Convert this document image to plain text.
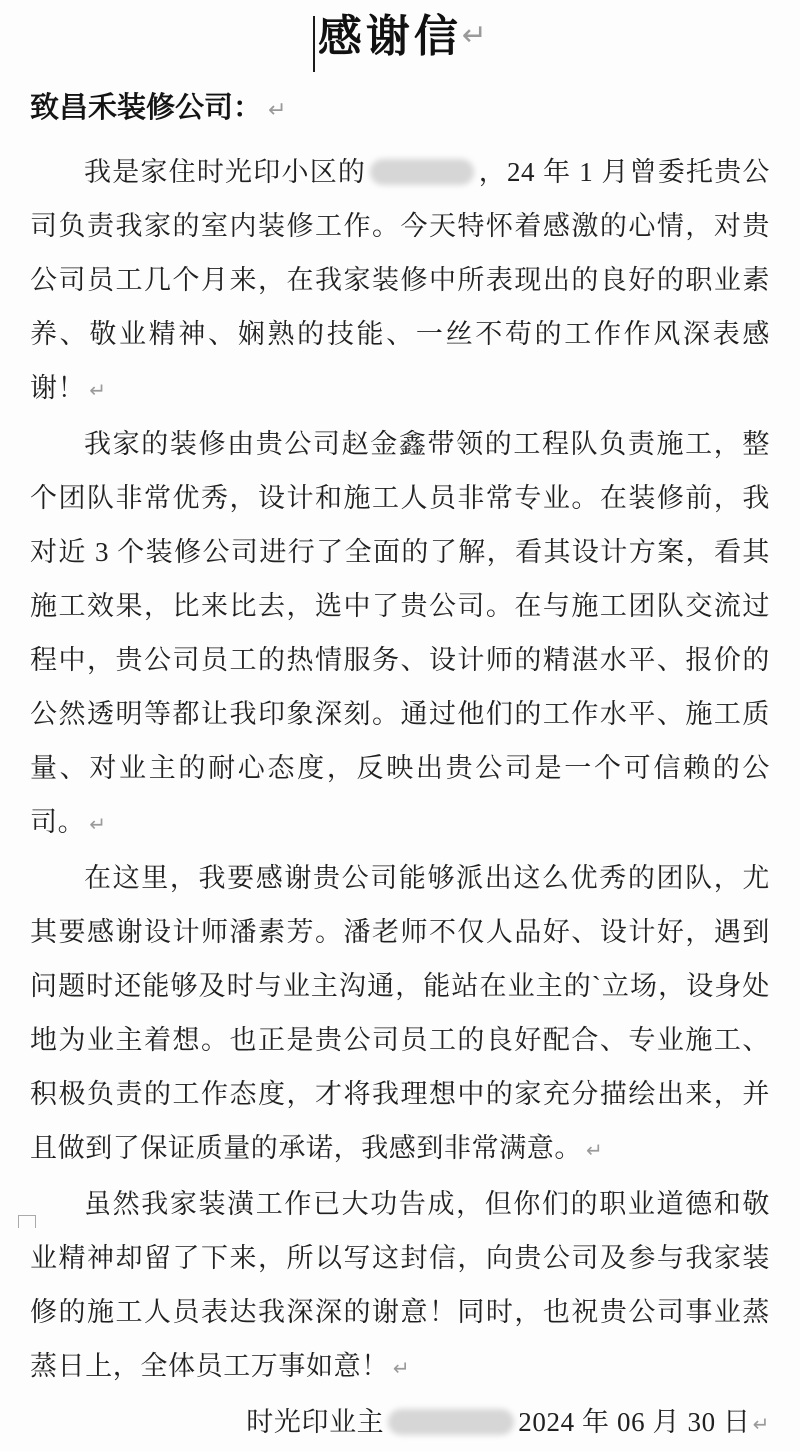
感谢信↵
致昌禾装修公司： ↵

我是家住时光印小区的	，24 年 1 月曾委托贵公司负责我家的室内装修工作。今天特怀着感激的心情，对贵公司员工几个月来，在我家装修中所表现出的良好的职业素养、敬业精神、娴熟的技能、一丝不苟的工作作风深表感谢！ ↵

我家的装修由贵公司赵金鑫带领的工程队负责施工，整个团队非常优秀，设计和施工人员非常专业。在装修前，我对近 3 个装修公司进行了全面的了解，看其设计方案，看其施工效果，比来比去，选中了贵公司。在与施工团队交流过程中，贵公司员工的热情服务、设计师的精湛水平、报价的公然透明等都让我印象深刻。通过他们的工作水平、施工质量、对业主的耐心态度，反映出贵公司是一个可信赖的公司。 ↵

在这里，我要感谢贵公司能够派出这么优秀的团队，尤其要感谢设计师潘素芳。潘老师不仅人品好、设计好，遇到问题时还能够及时与业主沟通，能站在业主的`立场，设身处地为业主着想。也正是贵公司员工的良好配合、专业施工、积极负责的工作态度，才将我理想中的家充分描绘出来，并且做到了保证质量的承诺，我感到非常满意。 ↵

虽然我家装潢工作已大功告成，但你们的职业道德和敬业精神却留了下来，所以写这封信，向贵公司及参与我家装修的施工人员表达我深深的谢意！同时，也祝贵公司事业蒸蒸日上，全体员工万事如意！ ↵

时光印业主	2024 年 06 月 30 日 ↵
